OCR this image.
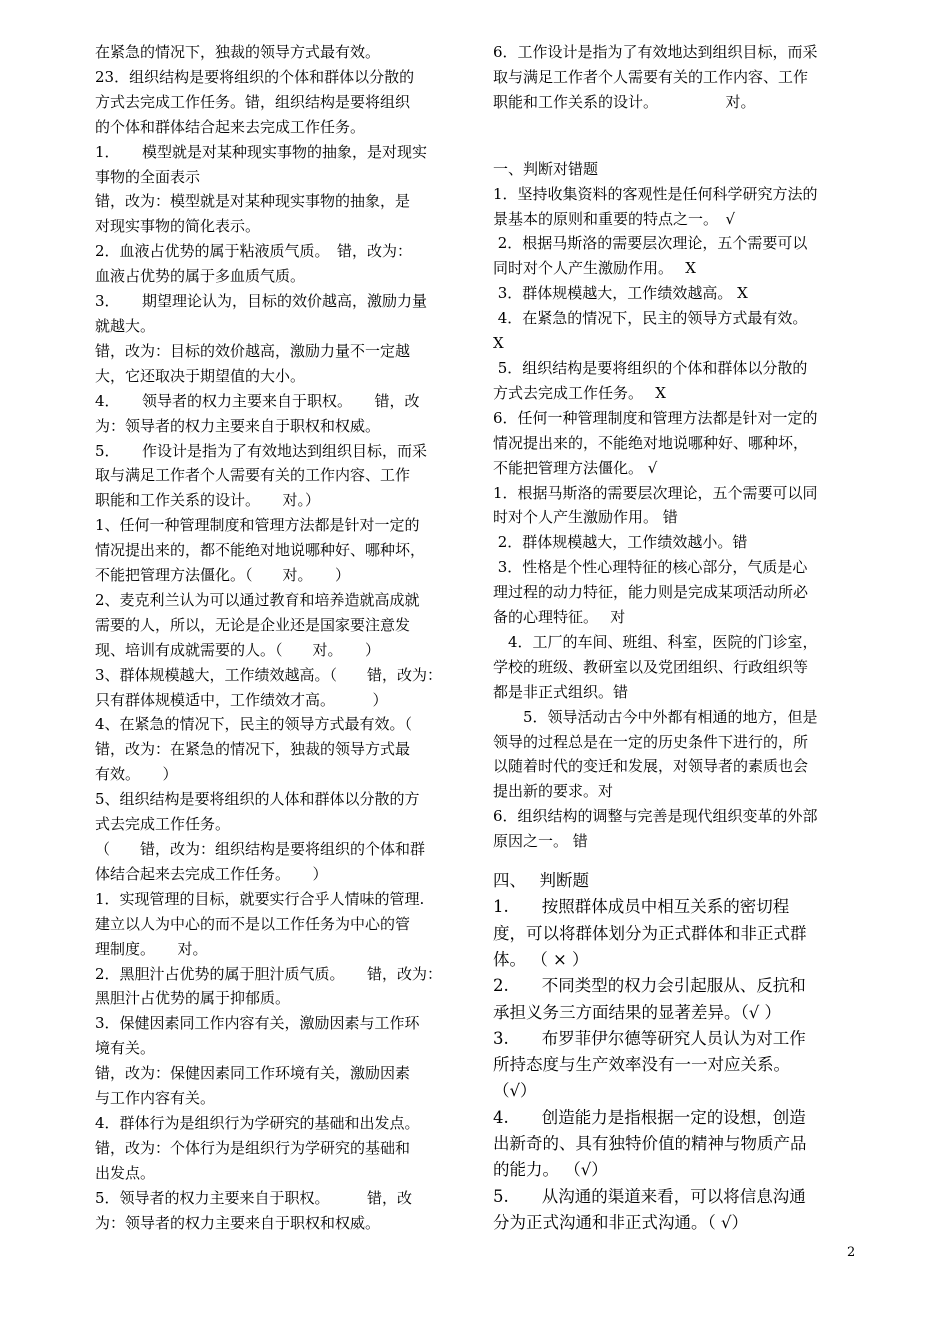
在紧急的情况下，独裁的领导方式最有效。
23．组织结构是要将组织的个体和群体以分散的
方式去完成工作任务。错，组织结构是要将组织
的个体和群体结合起来去完成工作任务。
1．　　模型就是对某种现实事物的抽象，是对现实
事物的全面表示
错，改为：模型就是对某种现实事物的抽象，是
对现实事物的简化表示。
2．血液占优势的属于粘液质气质。　错，改为：
血液占优势的属于多血质气质。
3．　　期望理论认为，目标的效价越高，激励力量
就越大。
错，改为：目标的效价越高，激励力量不一定越
大，它还取决于期望值的大小。
4．　　领导者的权力主要来自于职权。　　错，改
为：领导者的权力主要来自于职权和权威。
5．　　作设计是指为了有效地达到组织目标，而采
取与满足工作者个人需要有关的工作内容、工作
职能和工作关系的设计。　　对。）
1、任何一种管理制度和管理方法都是针对一定的
情况提出来的，都不能绝对地说哪种好、哪种坏，
不能把管理方法僵化。（　　对。　　）
2、麦克利兰认为可以通过教育和培养造就高成就
需要的人，所以，无论是企业还是国家要注意发
现、培训有成就需要的人。（　　对。　　）
3、群体规模越大，工作绩效越高。（　　错，改为：
只有群体规模适中，工作绩效才高。　　　）
4、在紧急的情况下，民主的领导方式最有效。（
错，改为：在紧急的情况下，独裁的领导方式最
有效。　　）
5、组织结构是要将组织的人体和群体以分散的方
式去完成工作任务。
（　　错，改为：组织结构是要将组织的个体和群
体结合起来去完成工作任务。　　）
1．实现管理的目标，就要实行合乎人情味的管理.
建立以人为中心的而不是以工作任务为中心的管
理制度。　　对。
2．黑胆汁占优势的属于胆汁质气质。　　错，改为：
黑胆汁占优势的属于抑郁质。
3．保健因素同工作内容有关，激励因素与工作环
境有关。
错，改为：保健因素同工作环境有关，激励因素
与工作内容有关。
4．群体行为是组织行为学研究的基础和出发点。
错，改为：个体行为是组织行为学研究的基础和
出发点。
5．领导者的权力主要来自于职权。　　　错，改
为：领导者的权力主要来自于职权和权威。
6．工作设计是指为了有效地达到组织目标，而采
取与满足工作者个人需要有关的工作内容、工作
职能和工作关系的设计。　　　　　对。
一、判断对错题
1．坚持收集资料的客观性是任何科学研究方法的
景基本的原则和重要的特点之一。　√
2．根据马斯洛的需要层次理论，五个需要可以
同时对个人产生激励作用。　 X
3．群体规模越大，工作绩效越高。 X
4．在紧急的情况下，民主的领导方式最有效。
X
5．组织结构是要将组织的个体和群体以分散的
方式去完成工作任务。　 X
6．任何一种管理制度和管理方法都是针对一定的
情况提出来的，不能绝对地说哪种好、哪种坏，
不能把管理方法僵化。 √
1．根据马斯洛的需要层次理论，五个需要可以同
时对个人产生激励作用。 错
2．群体规模越大，工作绩效越小。错
3．性格是个性心理特征的核心部分，气质是心
理过程的动力特征，能力则是完成某项活动所必
备的心理特征。　 对
　4．工厂的车间、班组、科室，医院的门诊室，
学校的班级、教研室以及党团组织、行政组织等
都是非正式组织。错
　　5．领导活动古今中外都有相通的地方，但是
领导的过程总是在一定的历史条件下进行的，所
以随着时代的变迁和发展，对领导者的素质也会
提出新的要求。对
6．组织结构的调整与完善是现代组织变革的外部
原因之一。 错
四、　 判断题
1.　　按照群体成员中相互关系的密切程
度，可以将群体划分为正式群体和非正式群
体。 （ × ）
2.　　不同类型的权力会引起服从、反抗和
承担义务三方面结果的显著差异。（√ ）
3.　　布罗菲伊尔德等研究人员认为对工作
所持态度与生产效率没有一一对应关系。
（√）
4.　　创造能力是指根据一定的设想，创造
出新奇的、具有独特价值的精神与物质产品
的能力。 （√）
5.　　从沟通的渠道来看，可以将信息沟通
分为正式沟通和非正式沟通。（ √）
2
